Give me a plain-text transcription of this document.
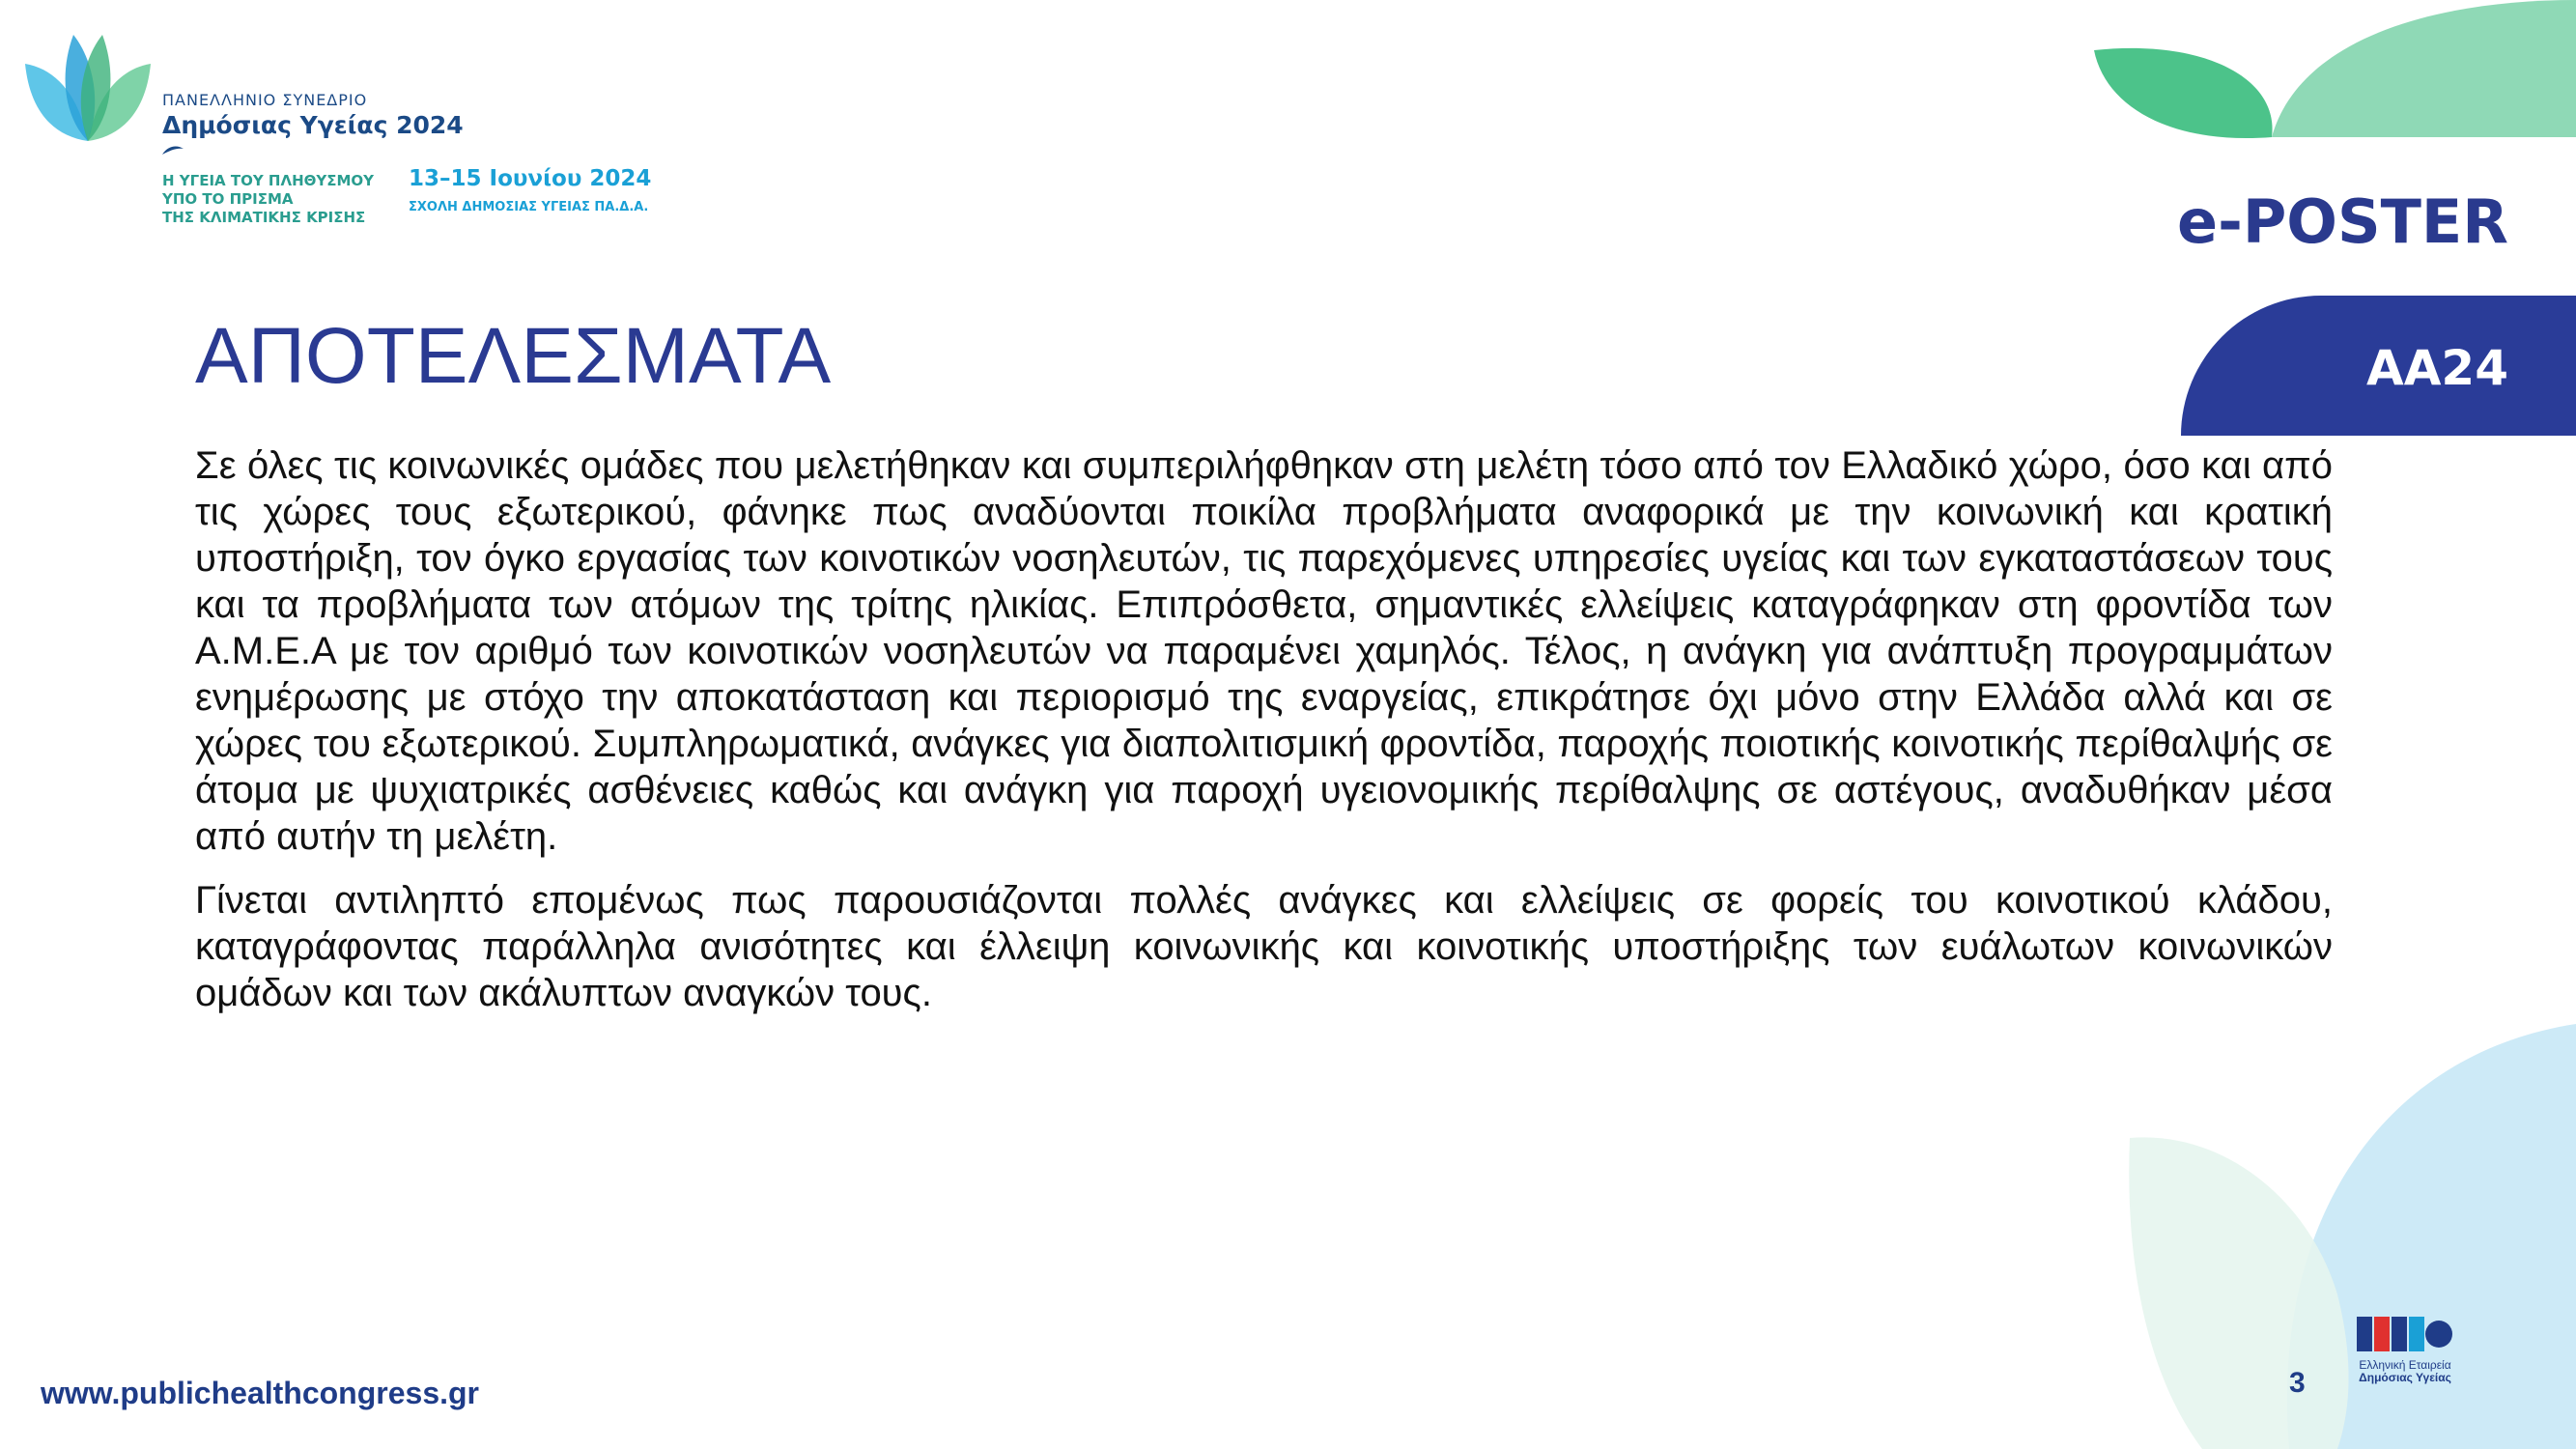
ΠΑΝΕΛΛΗΝΙΟ ΣΥΝΕΔΡΙΟ
Δημόσιας Υγείας 2024
Η ΥΓΕΙΑ ΤΟΥ ΠΛΗΘΥΣΜΟΥ
ΥΠΟ ΤΟ ΠΡΙΣΜΑ
ΤΗΣ ΚΛΙΜΑΤΙΚΗΣ ΚΡΙΣΗΣ
13–15 Ιουνίου 2024
ΣΧΟΛΗ ΔΗΜΟΣΙΑΣ ΥΓΕΙΑΣ ΠΑ.Δ.Α.	e-POSTER
ΑΑ24
ΑΠΟΤΕΛΕΣΜΑΤΑ

Σε όλες τις κοινωνικές ομάδες που μελετήθηκαν και συμπεριλήφθηκαν στη μελέτη τόσο από τον Ελλαδικό χώρο, όσο και από τις χώρες τους εξωτερικού, φάνηκε πως αναδύονται ποικίλα προβλήματα αναφορικά με την κοινωνική και κρατική υποστήριξη, τον όγκο εργασίας των κοινοτικών νοσηλευτών, τις παρεχόμενες υπηρεσίες υγείας και των εγκαταστάσεων τους και τα προβλήματα των ατόμων της τρίτης ηλικίας. Επιπρόσθετα, σημαντικές ελλείψεις καταγράφηκαν στη φροντίδα των Α.Μ.Ε.Α με τον αριθμό των κοινοτικών νοσηλευτών να παραμένει χαμηλός. Τέλος, η ανάγκη για ανάπτυξη προγραμμάτων ενημέρωσης με στόχο την αποκατάσταση και περιορισμό της εναργείας, επικράτησε όχι μόνο στην Ελλάδα αλλά και σε χώρες του εξωτερικού. Συμπληρωματικά, ανάγκες για διαπολιτισμική φροντίδα, παροχής ποιοτικής κοινοτικής περίθαλψής σε άτομα με ψυχιατρικές ασθένειες καθώς και ανάγκη για παροχή υγειονομικής περίθαλψης σε αστέγους, αναδυθήκαν μέσα από αυτήν τη μελέτη.

Γίνεται αντιληπτό επομένως πως παρουσιάζονται πολλές ανάγκες και ελλείψεις σε φορείς του κοινοτικού κλάδου, καταγράφοντας παράλληλα ανισότητες και έλλειψη κοινωνικής και κοινοτικής υποστήριξης των ευάλωτων κοινωνικών ομάδων και των ακάλυπτων αναγκών τους.

www.publichealthcongress.gr	3
Ελληνική Εταιρεία
Δημόσιας Υγείας
